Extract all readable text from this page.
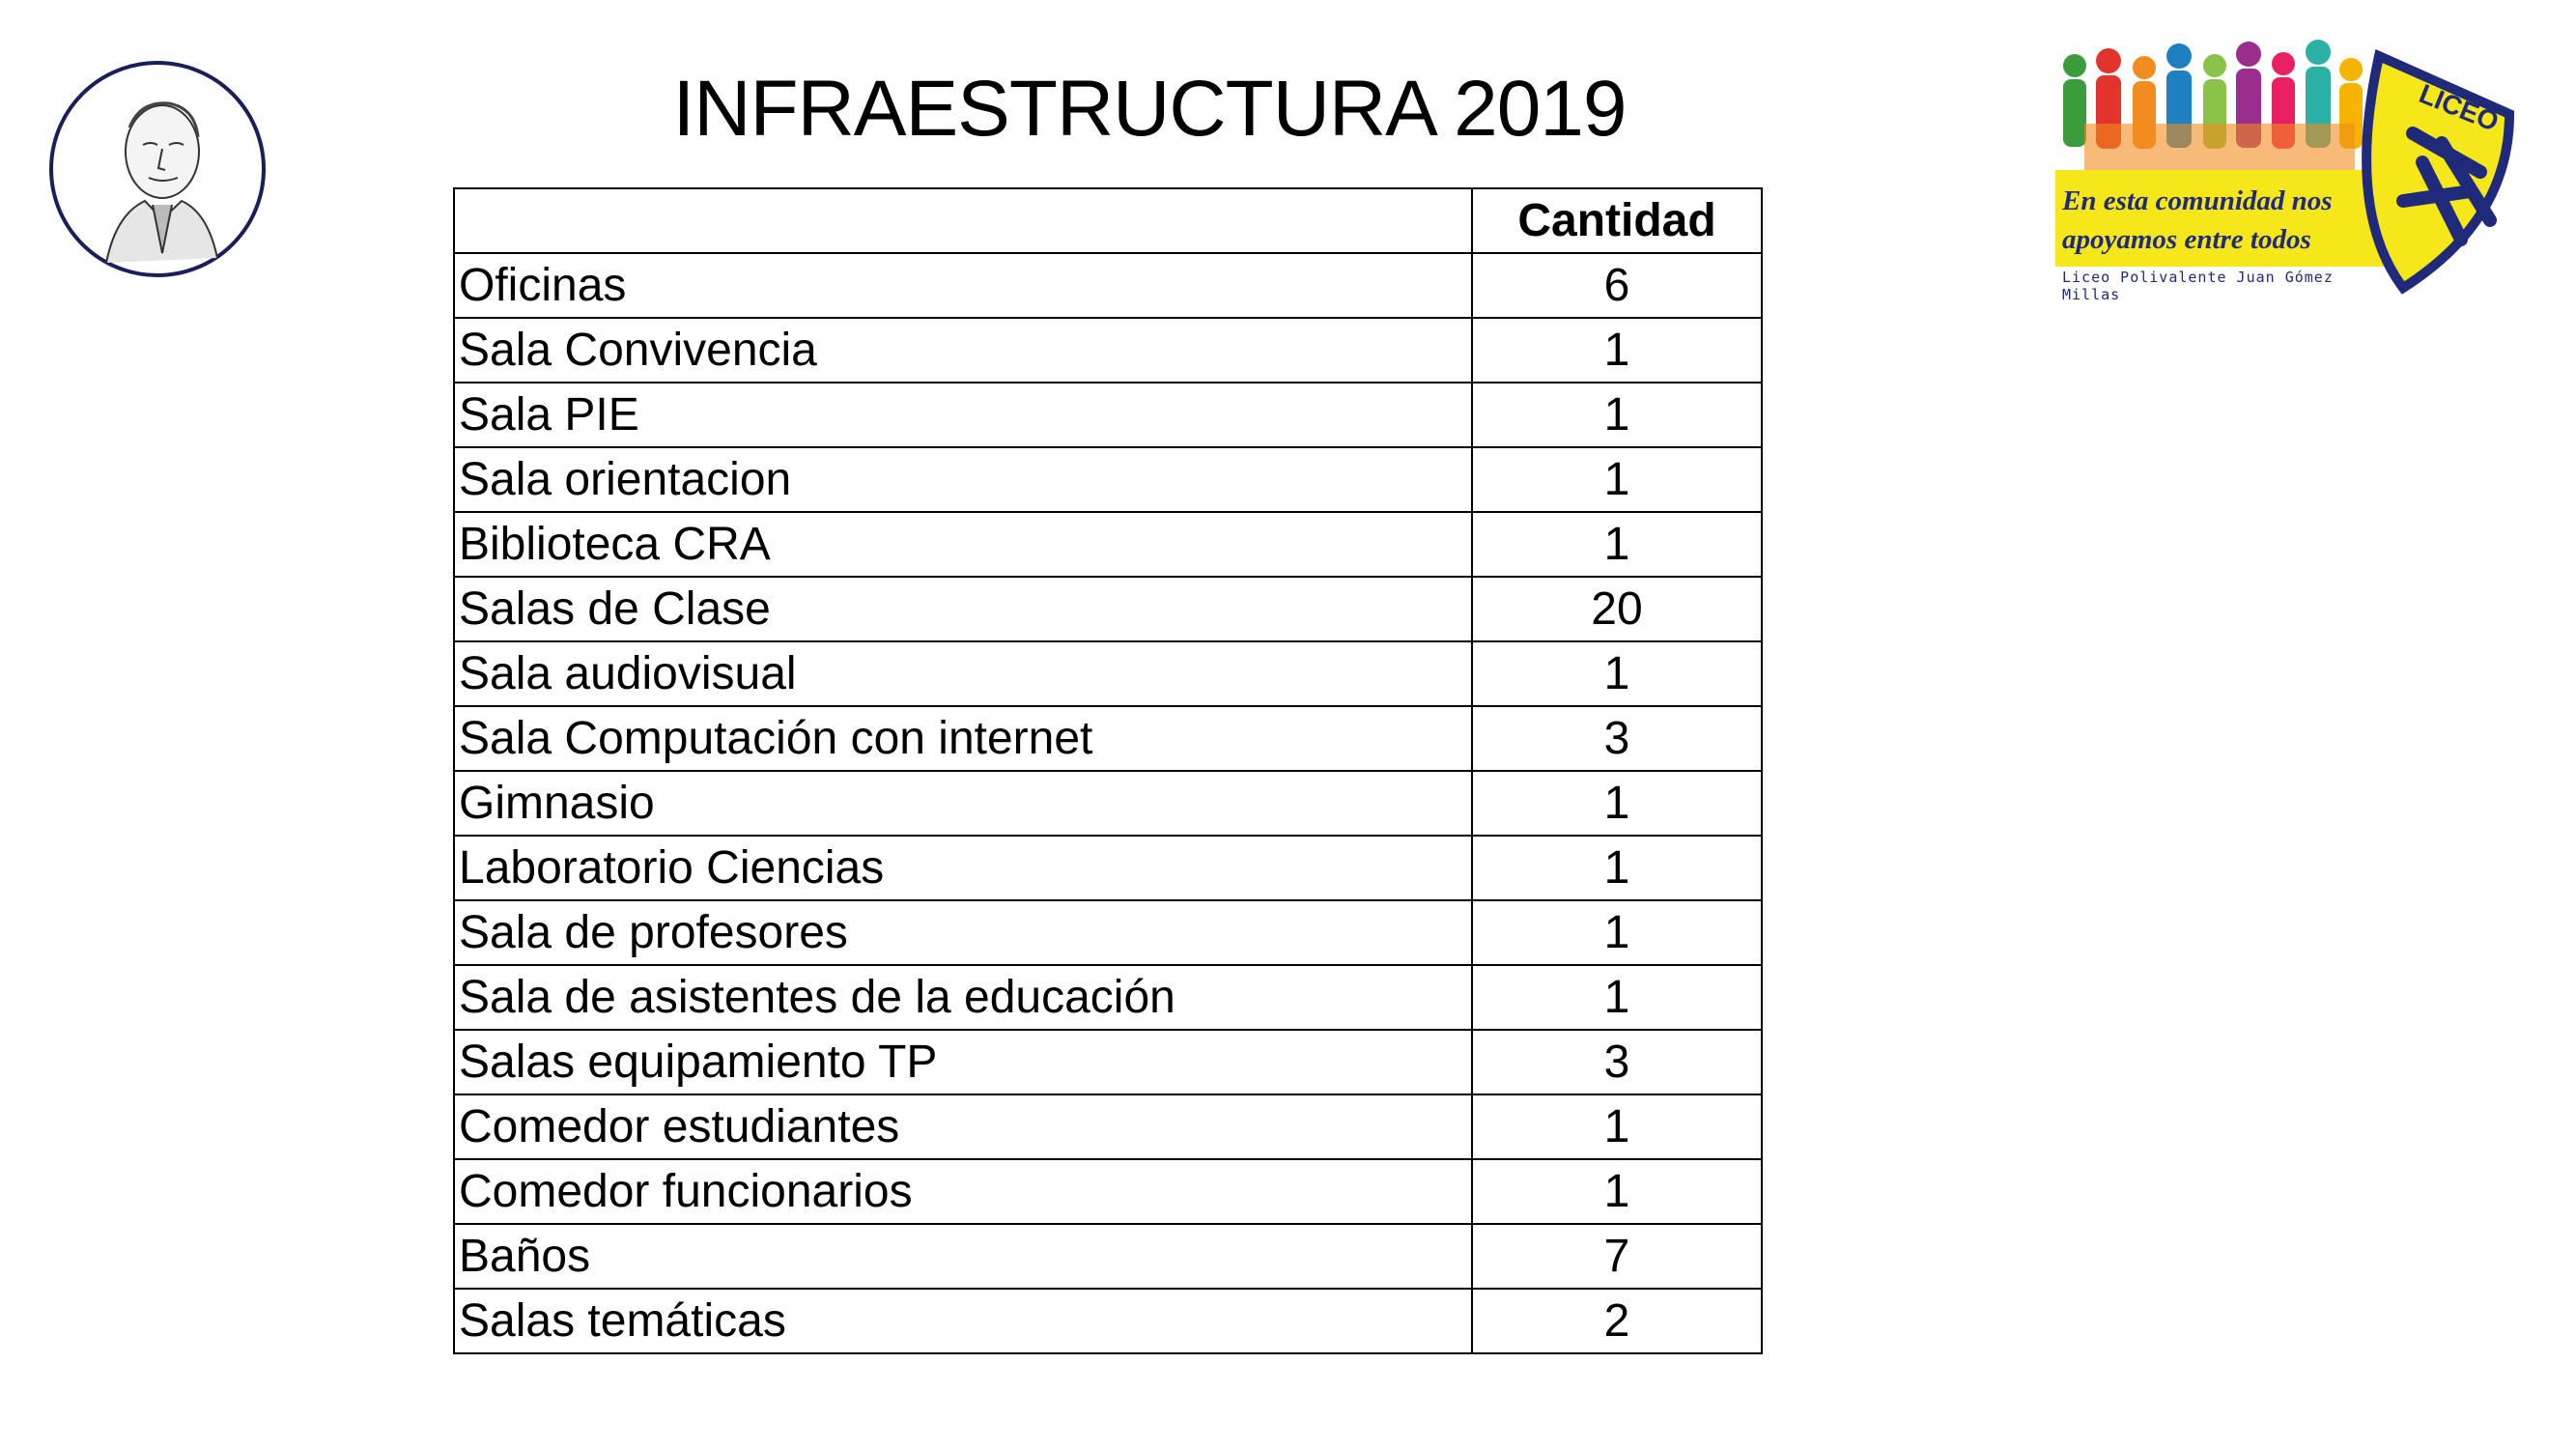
INFRAESTRUCTURA 2019	LICEO
En esta comunidad nos
apoyamos entre todos
Liceo Polivalente Juan Gómez Millas
	Cantidad
Oficinas	6
Sala Convivencia	1
Sala PIE	1
Sala orientacion	1
Biblioteca CRA	1
Salas de Clase	20
Sala audiovisual	1
Sala Computación con internet	3
Gimnasio	1
Laboratorio Ciencias	1
Sala de profesores	1
Sala de asistentes de la educación	1
Salas equipamiento TP	3
Comedor estudiantes	1
Comedor funcionarios	1
Baños	7
Salas temáticas	2
